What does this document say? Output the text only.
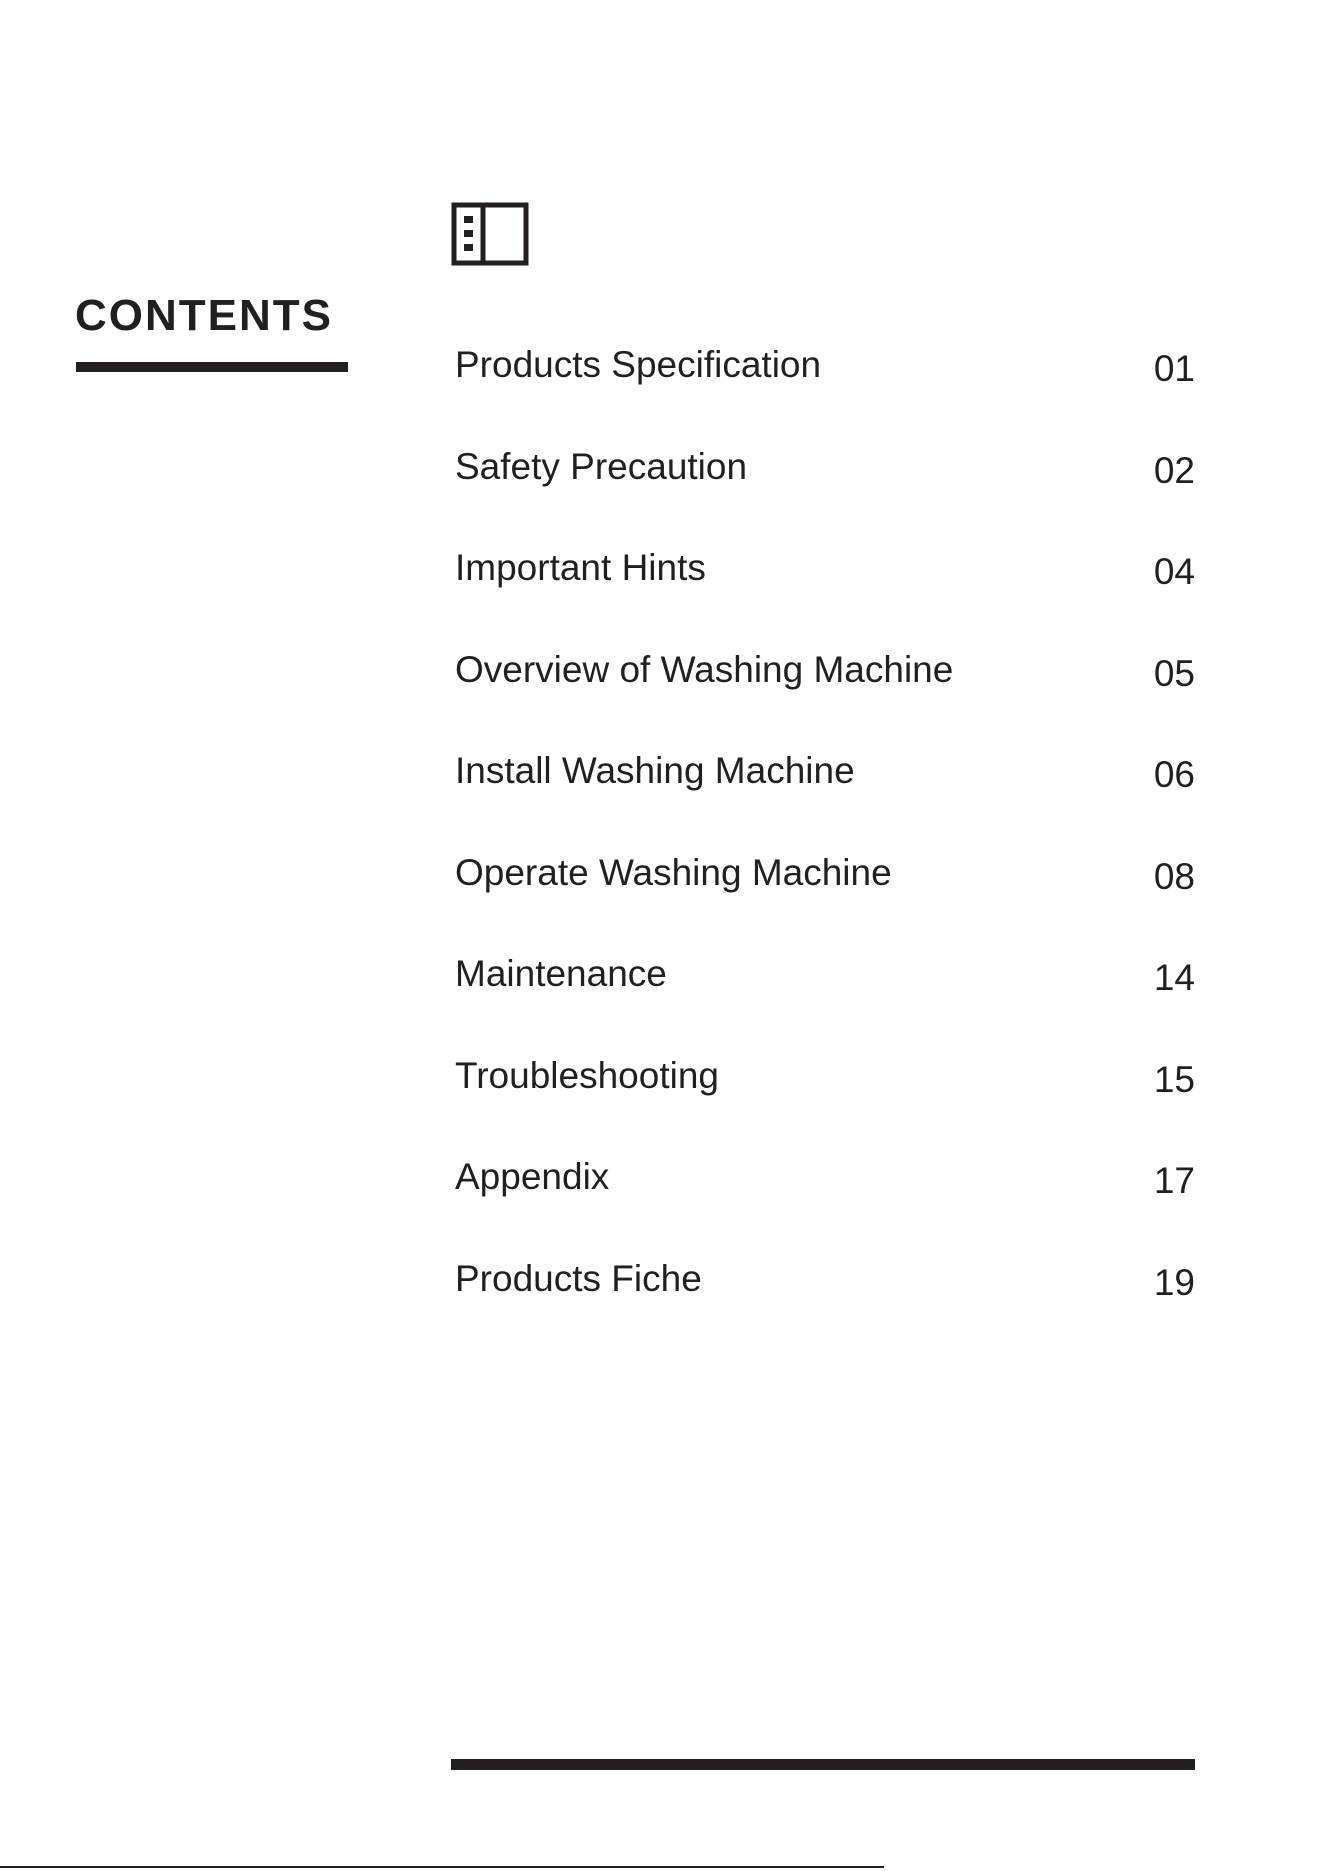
CONTENTS
Products Specification	01
Safety Precaution	02
Important Hints	04
Overview of Washing Machine	05
Install Washing Machine	06
Operate Washing Machine	08
Maintenance	14
Troubleshooting	15
Appendix	17
Products Fiche	19
